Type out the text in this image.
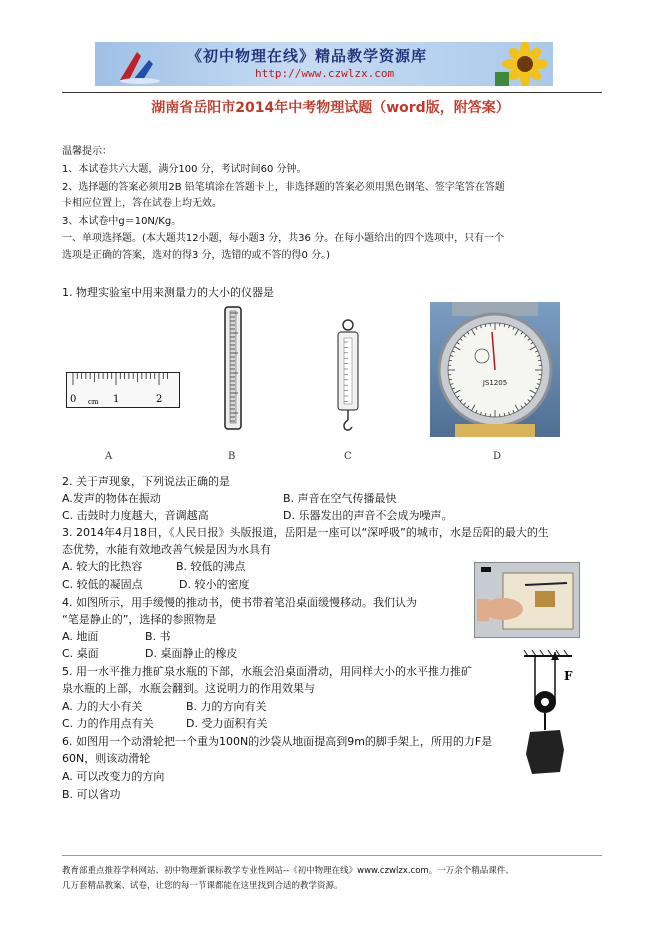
《初中物理在线》精品教学资源库
http://www.czwlzx.com
湖南省岳阳市2014年中考物理试题（word版，附答案）
温馨提示：
1、本试卷共六大题，满分100 分，考试时间60 分钟。
2、选择题的答案必须用2B 铅笔填涂在答题卡上，非选择题的答案必须用黑色钢笔、签字笔答在答题
卡相应位置上，答在试卷上均无效。
3、本试卷中g＝10N/Kg。
一、单项选择题。(本大题共12小题，每小题3 分，共36 分。在每小题给出的四个选项中，只有一个
选项是正确的答案，选对的得3 分，选错的或不答的得0 分。)
1. 物理实验室中用来测量力的大小的仪器是
0	1	2
cm
JS1205
A	B	C	D
2. 关于声现象，下列说法正确的是
A.发声的物体在振动	B. 声音在空气传播最快
C. 击鼓时力度越大，音调越高	D. 乐器发出的声音不会成为噪声。
3. 2014年4月18日，《人民日报》头版报道，岳阳是一座可以“深呼吸”的城市，水是岳阳的最大的生
态优势，水能有效地改善气候是因为水具有
A. 较大的比热容	B. 较低的沸点
C. 较低的凝固点	D. 较小的密度
4. 如图所示，用手缓慢的推动书，使书带着笔沿桌面缓慢移动。我们认为
“笔是静止的”，选择的参照物是
A. 地面	B. 书
C. 桌面	D. 桌面静止的橡皮
F
5. 用一水平推力推矿泉水瓶的下部，水瓶会沿桌面滑动，用同样大小的水平推力推矿
泉水瓶的上部，水瓶会翻到。这说明力的作用效果与
A. 力的大小有关	B. 力的方向有关
C. 力的作用点有关	D. 受力面积有关
6. 如图用一个动滑轮把一个重为100N的沙袋从地面提高到9m的脚手架上，所用的力F是
60N，则该动滑轮
A. 可以改变力的方向
B. 可以省功
教育部重点推荐学科网站、初中物理新课标教学专业性网站--《初中物理在线》www.czwlzx.com。一万余个精品课件、
几万套精品教案、试卷，让您的每一节课都能在这里找到合适的教学资源。
